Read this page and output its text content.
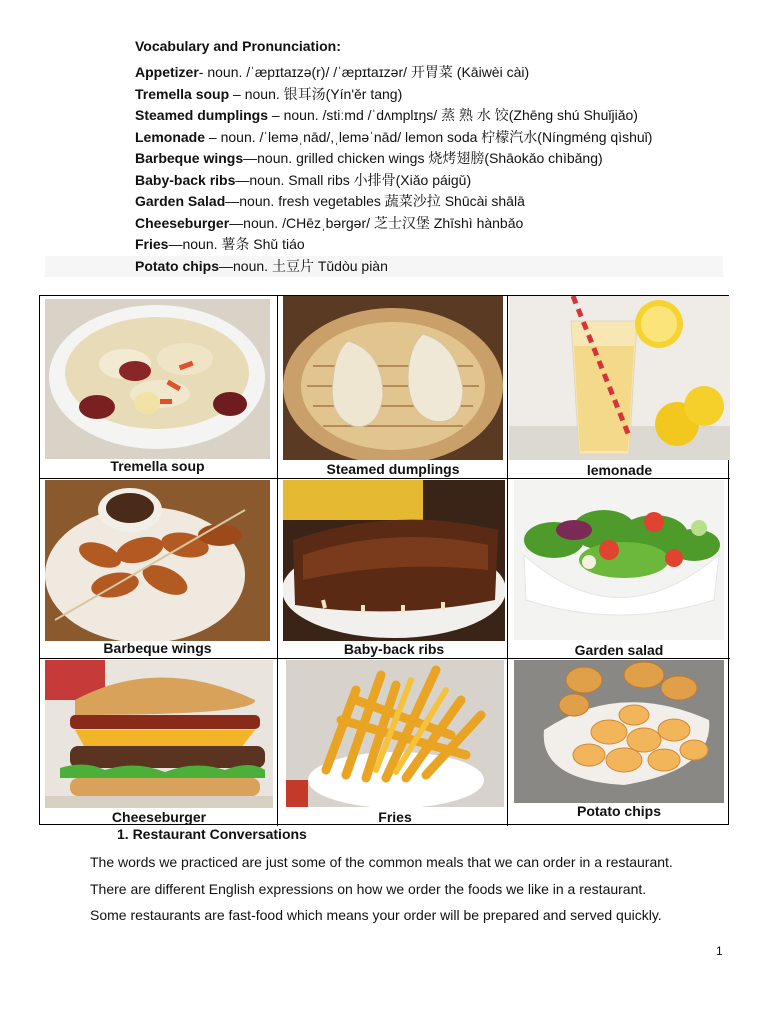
Vocabulary and Pronunciation:
Appetizer- noun. /ˈæpɪtaɪzə(r)/ /ˈæpɪtaɪzər/ 开胃菜 (Kāiwèi cài)
Tremella soup – noun. 银耳汤(Yín'ěr tang)
Steamed dumplings – noun. /stiːmd /ˈdʌmplɪŋs/ 蒸 熟 水 饺(Zhēng shú Shuǐjiǎo)
Lemonade – noun. /ˈleməˌnād/,ˌleməˈnād/ lemon soda 柠檬汽水(Níngméng qìshuǐ)
Barbeque wings—noun. grilled chicken wings 烧烤翅膀(Shāokǎo chìbǎng)
Baby-back ribs—noun. Small ribs 小排骨(Xiǎo páigǔ)
Garden Salad—noun. fresh vegetables 蔬菜沙拉 Shūcài shālā
Cheeseburger—noun. /CHēzˌbərgər/ 芝士汉堡 Zhīshì hànbǎo
Fries—noun. 薯条 Shǔ tiáo
Potato chips—noun. 土豆片 Tǔdòu piàn
Tremella soup	Steamed dumplings	lemonade
Barbeque wings	Baby-back ribs	Garden salad
Cheeseburger	Fries	Potato chips
1. Restaurant Conversations
The words we practiced are just some of the common meals that we can order in a restaurant.
There are different English expressions on how we order the foods we like in a restaurant.
Some restaurants are fast-food which means your order will be prepared and served quickly.
1
